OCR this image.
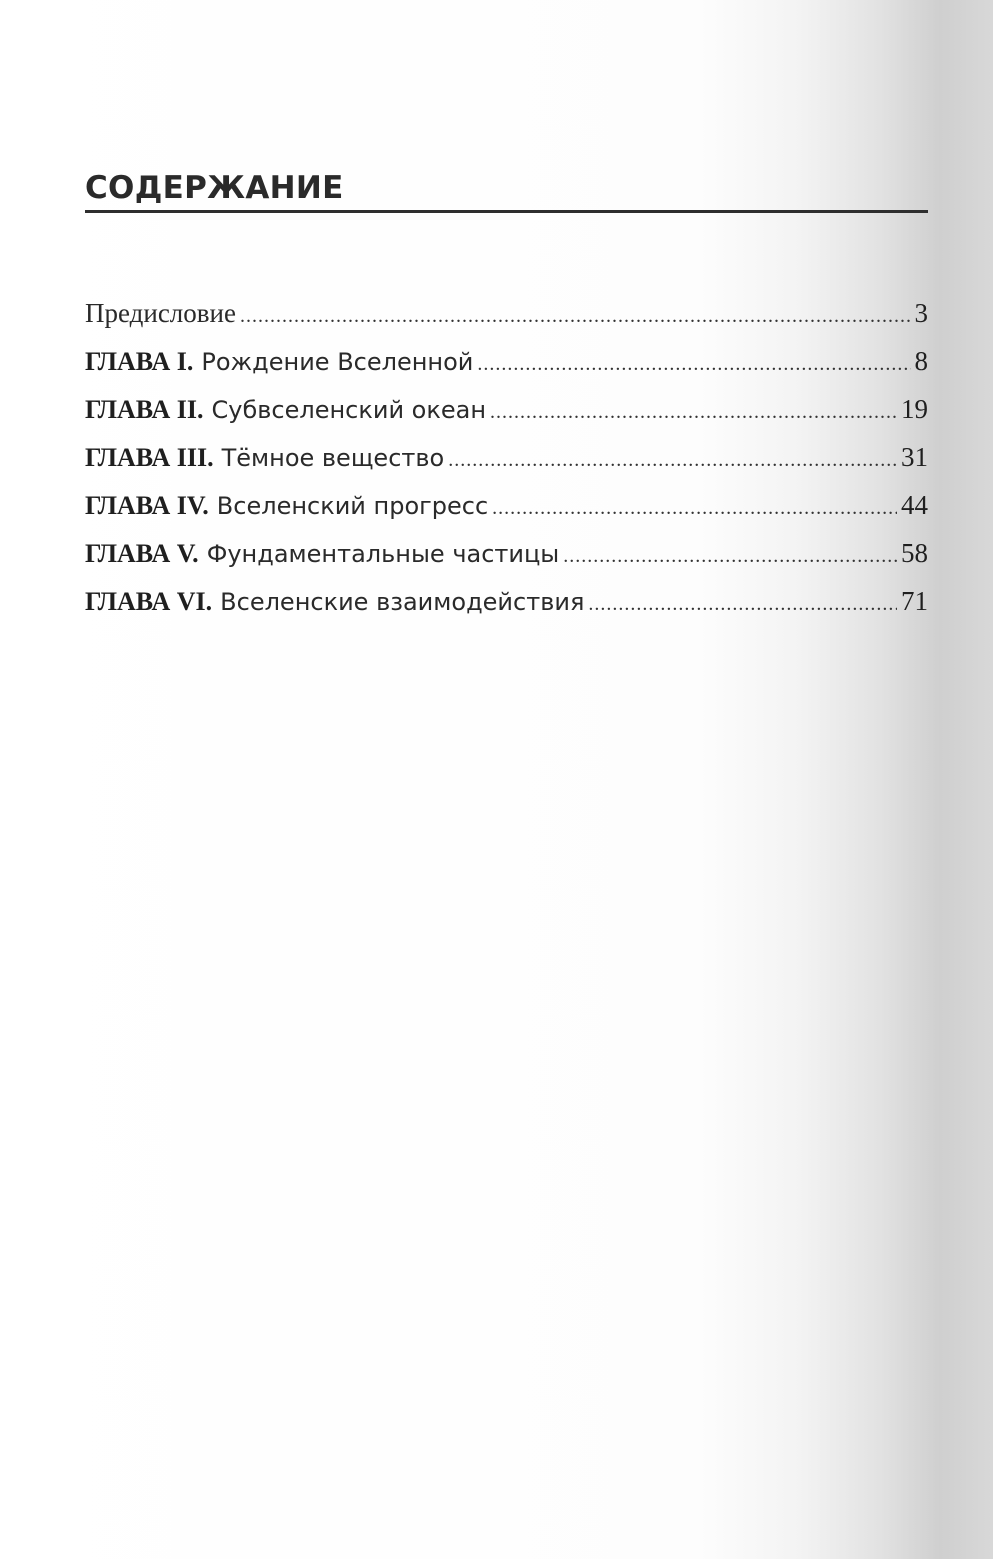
СОДЕРЖАНИЕ
Предисловие .....	3
ГЛАВА I. Рождение Вселенной .....	8
ГЛАВА II. Субвселенский океан .....	19
ГЛАВА III. Тёмное вещество .....	31
ГЛАВА IV. Вселенский прогресс .....	44
ГЛАВА V. Фундаментальные частицы .....	58
ГЛАВА VI. Вселенские взаимодействия .....	71
